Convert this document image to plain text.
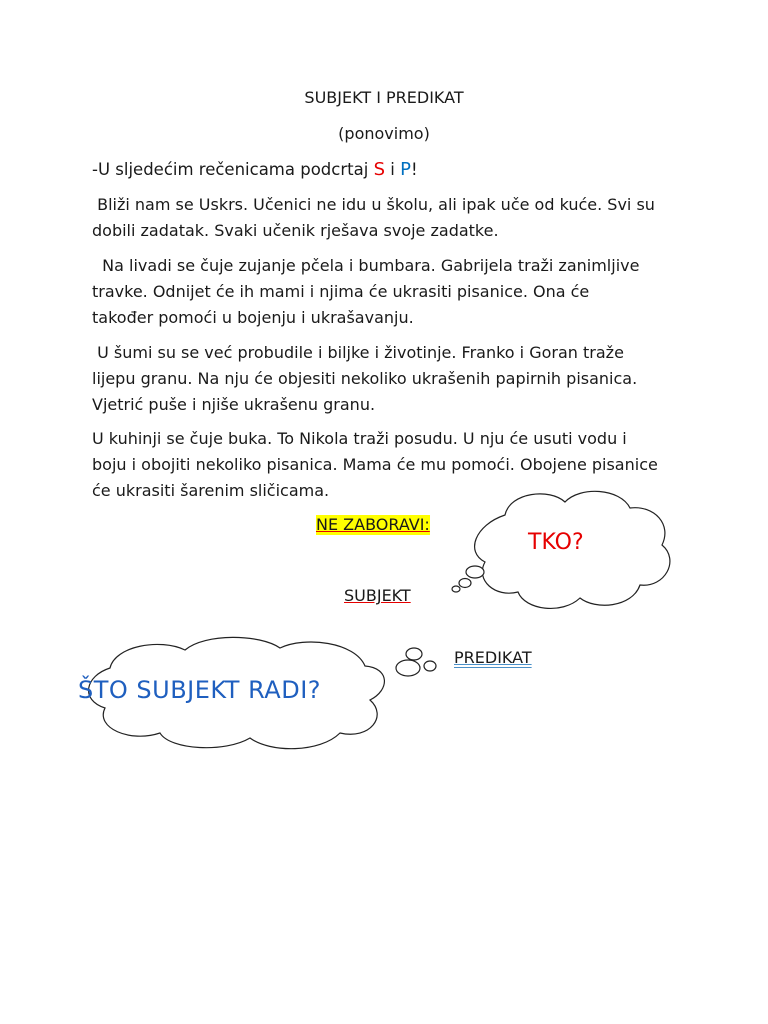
SUBJEKT I PREDIKAT
(ponovimo)
-U sljedećim rečenicama podcrtaj S i P!
Bliži nam se Uskrs. Učenici ne idu u školu, ali ipak uče od kuće. Svi su
dobili zadatak. Svaki učenik rješava svoje zadatke.
Na livadi se čuje zujanje pčela i bumbara. Gabrijela traži zanimljive
travke. Odnijet će ih mami i njima će ukrasiti pisanice. Ona će
također pomoći u bojenju i ukrašavanju.
U šumi su se već probudile i biljke i životinje. Franko i Goran traže
lijepu granu. Na nju će objesiti nekoliko ukrašenih papirnih pisanica.
Vjetrić puše i njiše ukrašenu granu.
U kuhinji se čuje buka. To Nikola traži posudu. U nju će usuti vodu i
boju i obojiti nekoliko pisanica. Mama će mu pomoći. Obojene pisanice
će ukrasiti šarenim sličicama.
NE ZABORAVI:
TKO?
SUBJEKT
ŠTO SUBJEKT RADI?
PREDIKAT
